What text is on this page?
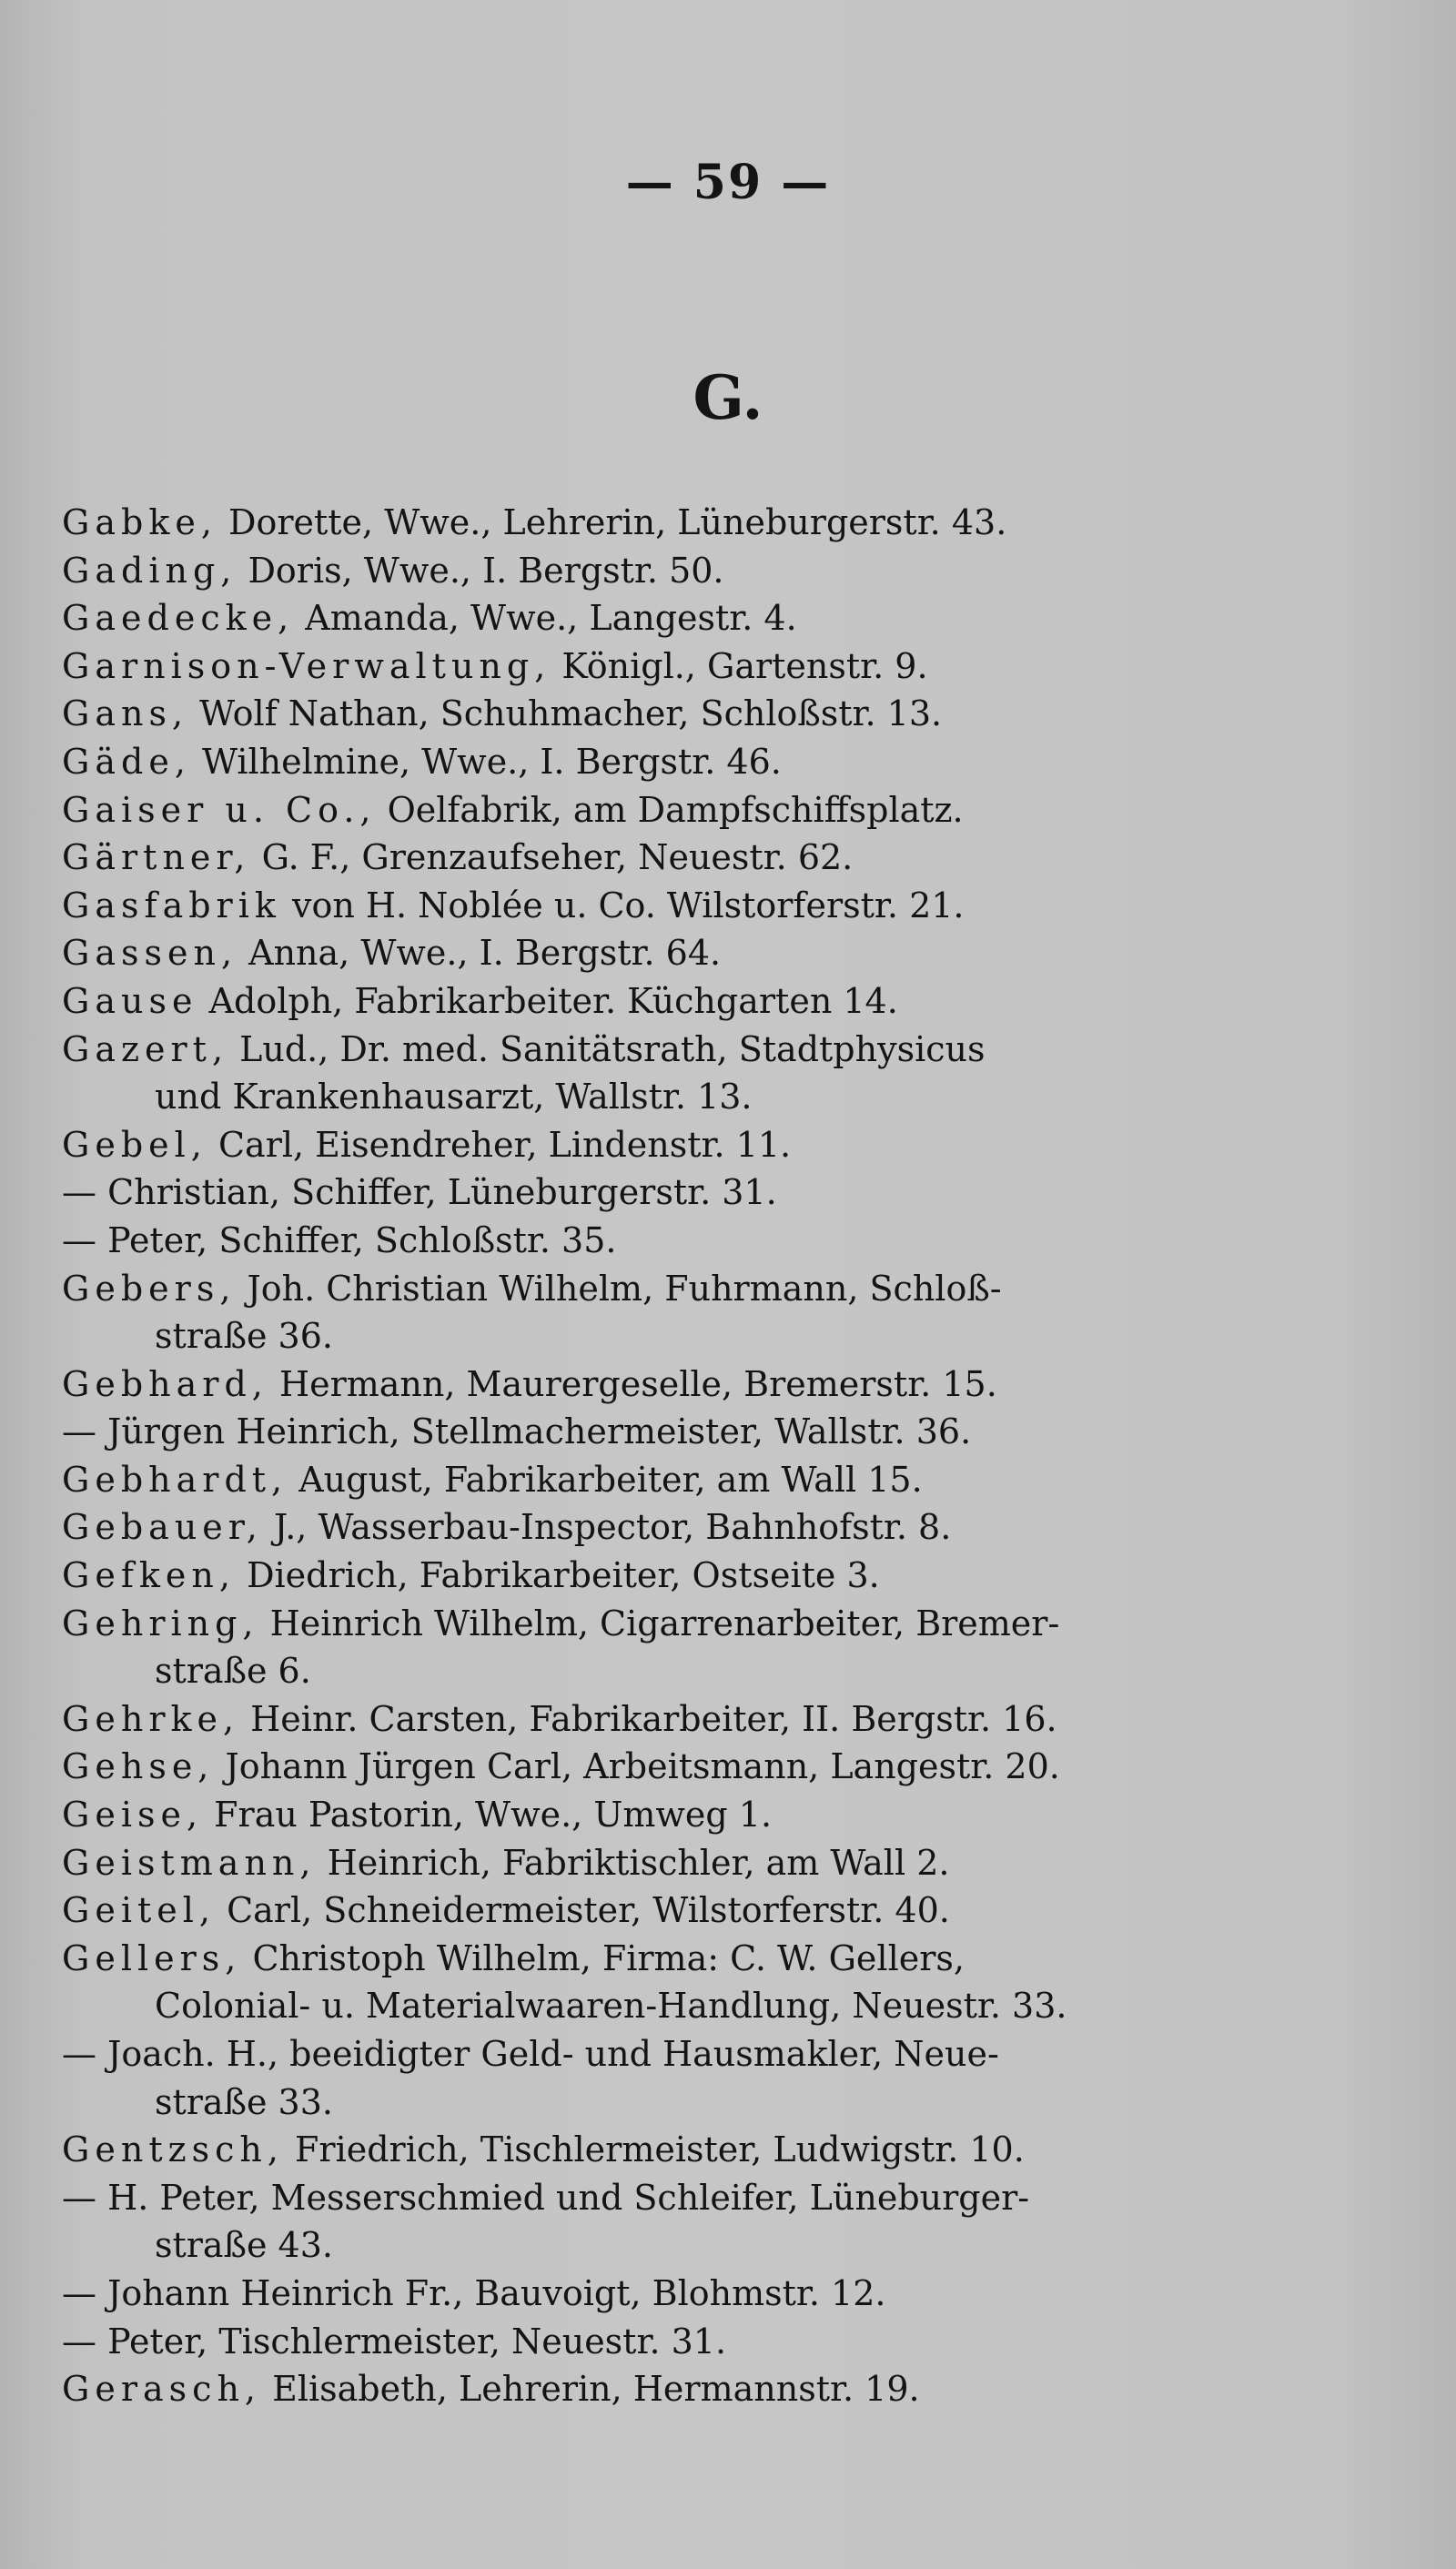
— 59 —
G.
Gabke, Dorette, Wwe., Lehrerin, Lüneburgerstr. 43.
Gading, Doris, Wwe., I. Bergstr. 50.
Gaedecke, Amanda, Wwe., Langestr. 4.
Garnison-Verwaltung, Königl., Gartenstr. 9.
Gans, Wolf Nathan, Schuhmacher, Schloßstr. 13.
Gäde, Wilhelmine, Wwe., I. Bergstr. 46.
Gaiser u. Co., Oelfabrik, am Dampfschiffsplatz.
Gärtner, G. F., Grenzaufseher, Neuestr. 62.
Gasfabrik von H. Noblée u. Co. Wilstorferstr. 21.
Gassen, Anna, Wwe., I. Bergstr. 64.
Gause Adolph, Fabrikarbeiter. Küchgarten 14.
Gazert, Lud., Dr. med. Sanitätsrath, Stadtphysicus
und Krankenhausarzt, Wallstr. 13.
Gebel, Carl, Eisendreher, Lindenstr. 11.
— Christian, Schiffer, Lüneburgerstr. 31.
— Peter, Schiffer, Schloßstr. 35.
Gebers, Joh. Christian Wilhelm, Fuhrmann, Schloß-
straße 36.
Gebhard, Hermann, Maurergeselle, Bremerstr. 15.
— Jürgen Heinrich, Stellmachermeister, Wallstr. 36.
Gebhardt, August, Fabrikarbeiter, am Wall 15.
Gebauer, J., Wasserbau-Inspector, Bahnhofstr. 8.
Gefken, Diedrich, Fabrikarbeiter, Ostseite 3.
Gehring, Heinrich Wilhelm, Cigarrenarbeiter, Bremer-
straße 6.
Gehrke, Heinr. Carsten, Fabrikarbeiter, II. Bergstr. 16.
Gehse, Johann Jürgen Carl, Arbeitsmann, Langestr. 20.
Geise, Frau Pastorin, Wwe., Umweg 1.
Geistmann, Heinrich, Fabriktischler, am Wall 2.
Geitel, Carl, Schneidermeister, Wilstorferstr. 40.
Gellers, Christoph Wilhelm, Firma: C. W. Gellers,
Colonial- u. Materialwaaren-Handlung, Neuestr. 33.
— Joach. H., beeidigter Geld- und Hausmakler, Neue-
straße 33.
Gentzsch, Friedrich, Tischlermeister, Ludwigstr. 10.
— H. Peter, Messerschmied und Schleifer, Lüneburger-
straße 43.
— Johann Heinrich Fr., Bauvoigt, Blohmstr. 12.
— Peter, Tischlermeister, Neuestr. 31.
Gerasch, Elisabeth, Lehrerin, Hermannstr. 19.
